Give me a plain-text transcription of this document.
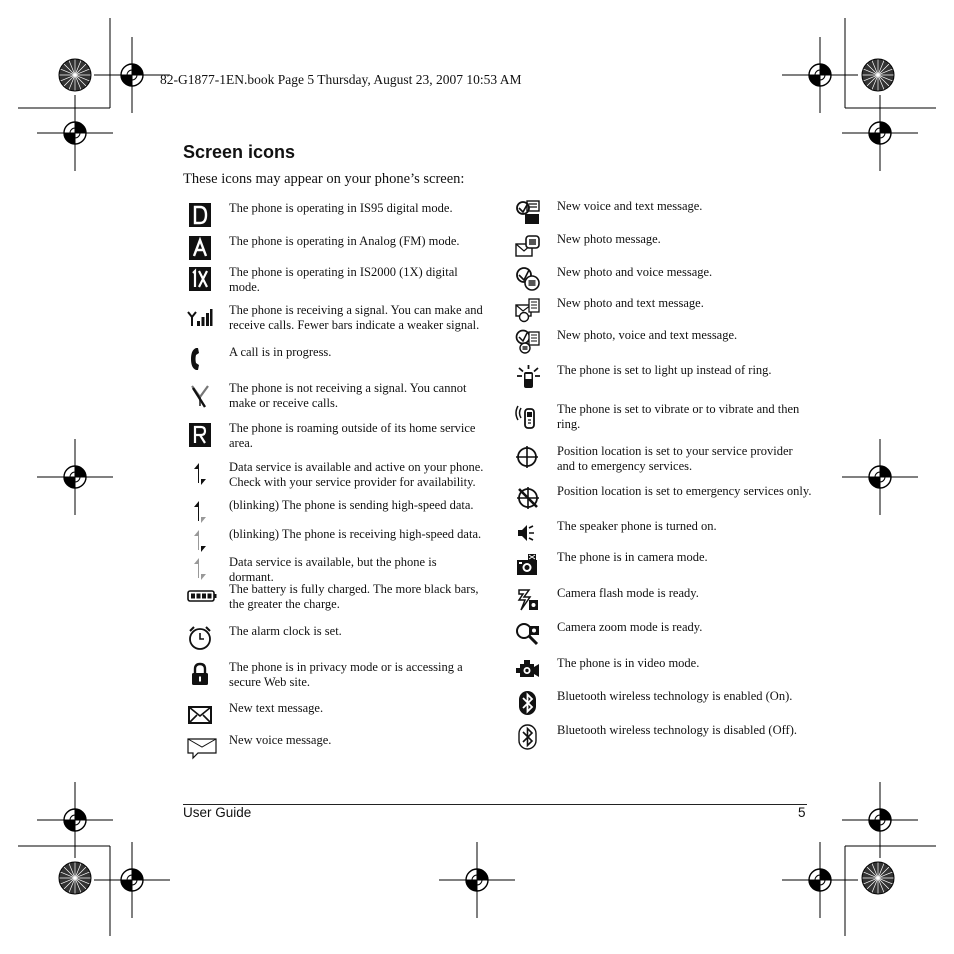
82-G1877-1EN.book Page 5 Thursday, August 23, 2007 10:53 AM
Screen icons

These icons may appear on your phone’s screen:

The phone is operating in IS95 digital mode.
The phone is operating in Analog (FM) mode.
The phone is operating in IS2000 (1X) digital mode.
The phone is receiving a signal. You can make and receive calls. Fewer bars indicate a weaker signal.
A call is in progress.
The phone is not receiving a signal. You cannot make or receive calls.
The phone is roaming outside of its home service area.
Data service is available and active on your phone. Check with your service provider for availability.
(blinking) The phone is sending high-speed data.
(blinking) The phone is receiving high-speed data.
Data service is available, but the phone is dormant.
The battery is fully charged. The more black bars, the greater the charge.
The alarm clock is set.
The phone is in privacy mode or is accessing a secure Web site.
New text message.
New voice message.
New voice and text message.
New photo message.
New photo and voice message.
New photo and text message.
New photo, voice and text message.
The phone is set to light up instead of ring.
The phone is set to vibrate or to vibrate and then ring.
Position location is set to your service provider and to emergency services.
Position location is set to emergency services only.
The speaker phone is turned on.
The phone is in camera mode.
Camera flash mode is ready.
Camera zoom mode is ready.
The phone is in video mode.
Bluetooth wireless technology is enabled (On).
Bluetooth wireless technology is disabled (Off).
User Guide	5
